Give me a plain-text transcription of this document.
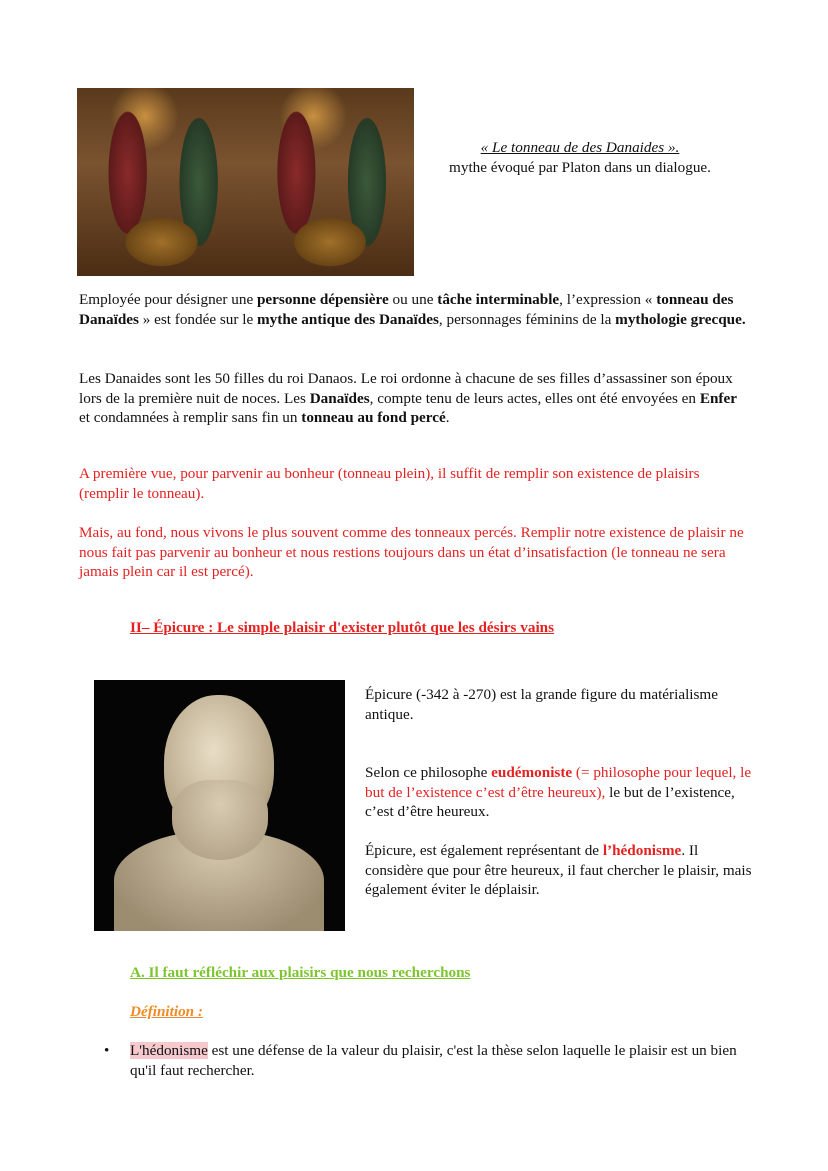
« Le tonneau de des Danaides ».
mythe évoqué par Platon dans un dialogue.
Employée pour désigner une personne dépensière ou une tâche interminable, l’expression « tonneau des Danaïdes » est fondée sur le mythe antique des Danaïdes, personnages féminins de la mythologie grecque.
Les Danaides sont les 50 filles du roi Danaos. Le roi ordonne à chacune de ses filles d’assassiner son époux lors de la première nuit de noces. Les Danaïdes, compte tenu de leurs actes, elles ont été envoyées en Enfer et condamnées à remplir sans fin un tonneau au fond percé.
A première vue, pour parvenir au bonheur (tonneau plein), il suffit de remplir son existence de plaisirs (remplir le tonneau).
Mais, au fond, nous vivons le plus souvent comme des tonneaux percés. Remplir notre existence de plaisir ne nous fait pas parvenir au bonheur et nous restions toujours dans un état d’insatisfaction (le tonneau ne sera jamais plein car il est percé).
II– Épicure : Le simple plaisir d'exister plutôt que les désirs vains
Épicure (-342 à -270) est la grande figure du matérialisme antique.
Selon ce philosophe eudémoniste (= philosophe pour lequel, le but de l’existence c’est d’être heureux), le but de l’existence, c’est d’être heureux.
Épicure, est également représentant de l’hédonisme. Il considère que pour être heureux, il faut chercher le plaisir, mais également éviter le déplaisir.
A. Il faut réfléchir aux plaisirs que nous recherchons
Définition :
• L'hédonisme est une défense de la valeur du plaisir, c'est la thèse selon laquelle le plaisir est un bien qu'il faut rechercher.
